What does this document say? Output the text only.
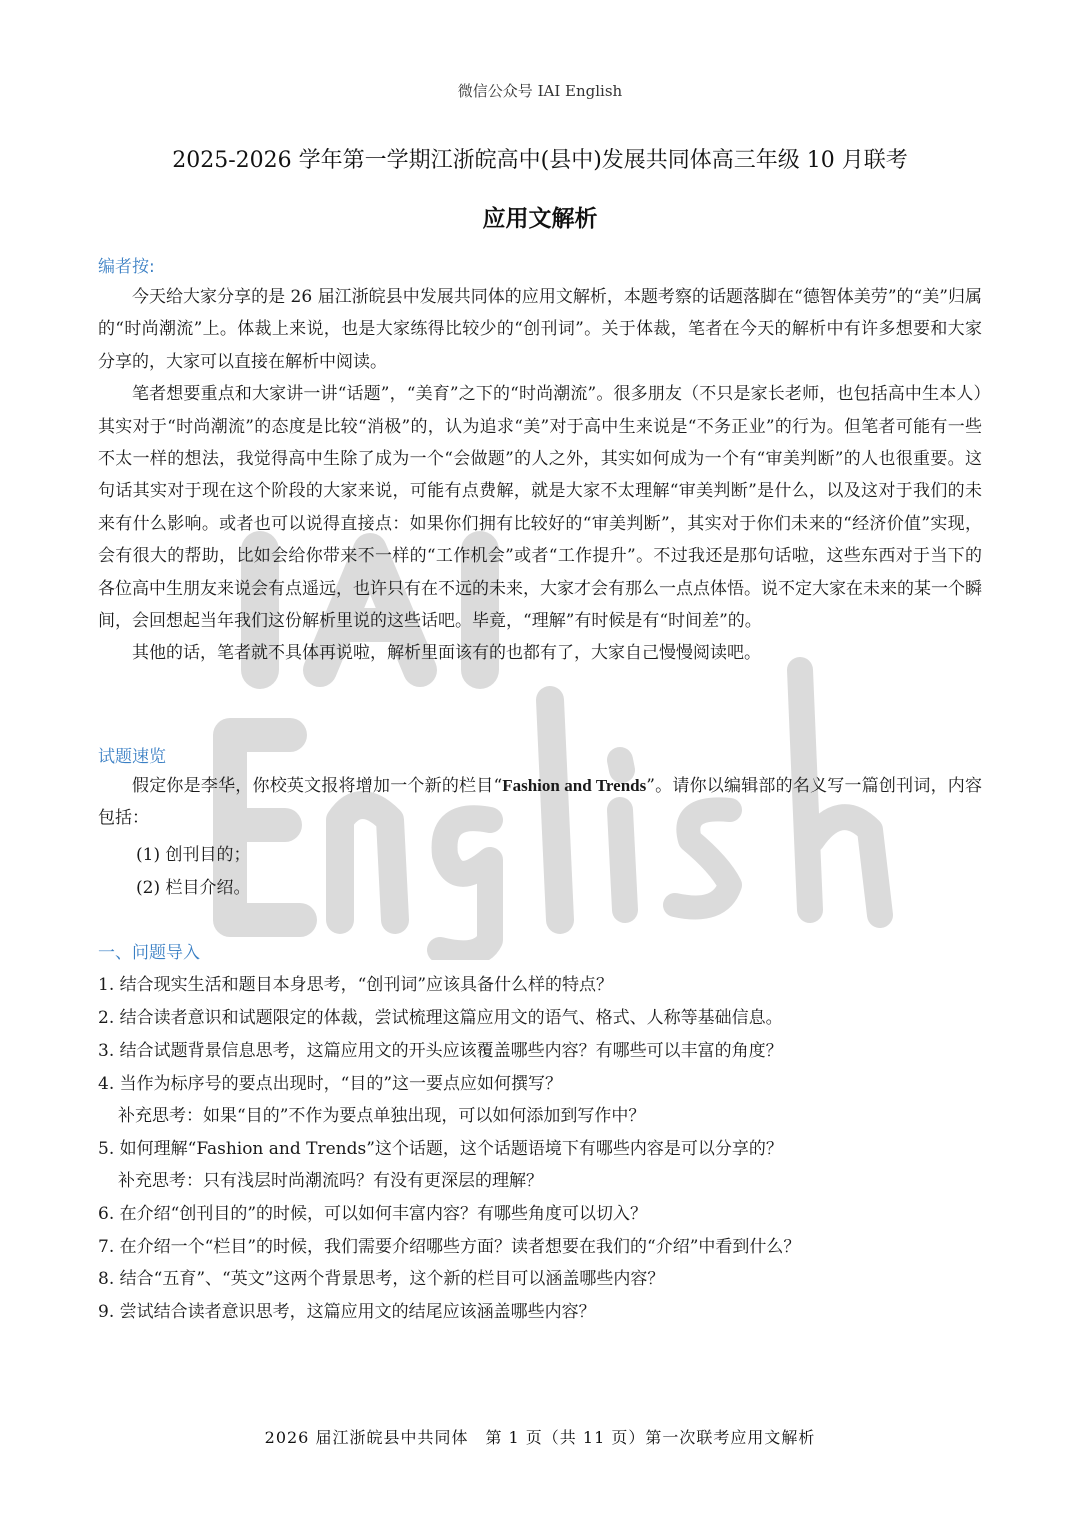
微信公众号 IAI English
2025-2026 学年第一学期江浙皖高中(县中)发展共同体高三年级 10 月联考
应用文解析
编者按:

今天给大家分享的是 26 届江浙皖县中发展共同体的应用文解析，本题考察的话题落脚在“德智体美劳”的“美”归属的“时尚潮流”上。体裁上来说，也是大家练得比较少的“创刊词”。关于体裁，笔者在今天的解析中有许多想要和大家分享的，大家可以直接在解析中阅读。

笔者想要重点和大家讲一讲“话题”，“美育”之下的“时尚潮流”。很多朋友（不只是家长老师，也包括高中生本人）其实对于“时尚潮流”的态度是比较“消极”的，认为追求“美”对于高中生来说是“不务正业”的行为。但笔者可能有一些不太一样的想法，我觉得高中生除了成为一个“会做题”的人之外，其实如何成为一个有“审美判断”的人也很重要。这句话其实对于现在这个阶段的大家来说，可能有点费解，就是大家不太理解“审美判断”是什么，以及这对于我们的未来有什么影响。或者也可以说得直接点：如果你们拥有比较好的“审美判断”，其实对于你们未来的“经济价值”实现，会有很大的帮助，比如会给你带来不一样的“工作机会”或者“工作提升”。不过我还是那句话啦，这些东西对于当下的各位高中生朋友来说会有点遥远，也许只有在不远的未来，大家才会有那么一点点体悟。说不定大家在未来的某一个瞬间，会回想起当年我们这份解析里说的这些话吧。毕竟，“理解”有时候是有“时间差”的。

其他的话，笔者就不具体再说啦，解析里面该有的也都有了，大家自己慢慢阅读吧。

试题速览

假定你是李华，你校英文报将增加一个新的栏目“Fashion and Trends”。请你以编辑部的名义写一篇创刊词，内容包括：

(1) 创刊目的；
(2) 栏目介绍。
一、问题导入
1. 结合现实生活和题目本身思考，“创刊词”应该具备什么样的特点？
2. 结合读者意识和试题限定的体裁，尝试梳理这篇应用文的语气、格式、人称等基础信息。
3. 结合试题背景信息思考，这篇应用文的开头应该覆盖哪些内容？有哪些可以丰富的角度？
4. 当作为标序号的要点出现时，“目的”这一要点应如何撰写？
补充思考：如果“目的”不作为要点单独出现，可以如何添加到写作中？
5. 如何理解“Fashion and Trends”这个话题，这个话题语境下有哪些内容是可以分享的？
补充思考：只有浅层时尚潮流吗？有没有更深层的理解？
6. 在介绍“创刊目的”的时候，可以如何丰富内容？有哪些角度可以切入？
7. 在介绍一个“栏目”的时候，我们需要介绍哪些方面？读者想要在我们的“介绍”中看到什么？
8. 结合“五育”、“英文”这两个背景思考，这个新的栏目可以涵盖哪些内容？
9. 尝试结合读者意识思考，这篇应用文的结尾应该涵盖哪些内容？
2026 届江浙皖县中共同体　第 1 页（共 11 页）第一次联考应用文解析
